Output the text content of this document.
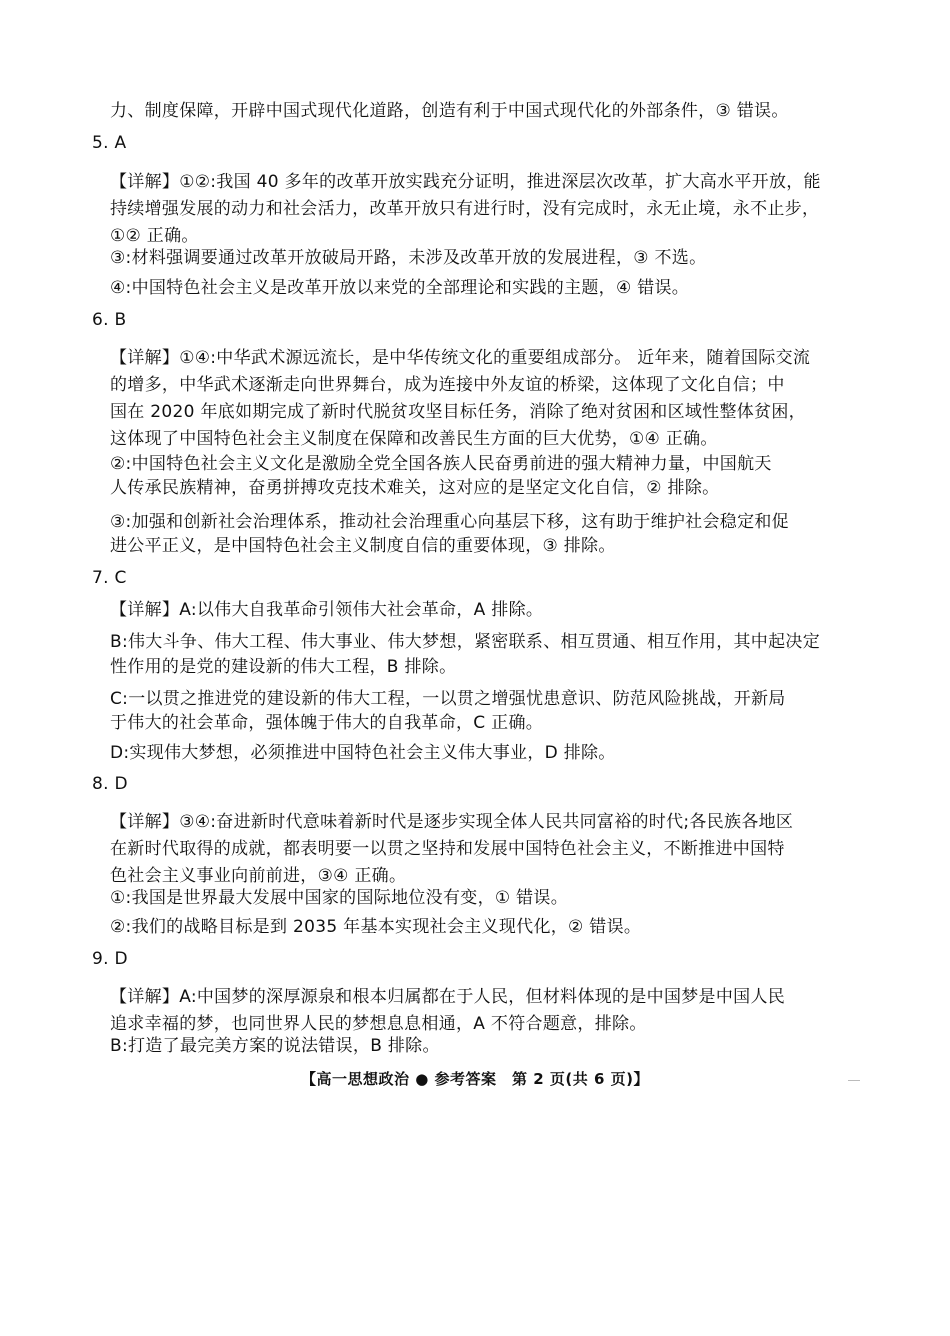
力、制度保障，开辟中国式现代化道路，创造有利于中国式现代化的外部条件，③ 错误。
5. A
【详解】①②:我国 40 多年的改革开放实践充分证明，推进深层次改革，扩大高水平开放，能
持续增强发展的动力和社会活力，改革开放只有进行时，没有完成时，永无止境，永不止步，
①② 正确。
③:材料强调要通过改革开放破局开路，未涉及改革开放的发展进程，③ 不选。
④:中国特色社会主义是改革开放以来党的全部理论和实践的主题，④ 错误。
6. B
【详解】①④:中华武术源远流长，是中华传统文化的重要组成部分。 近年来，随着国际交流
的增多，中华武术逐渐走向世界舞台，成为连接中外友谊的桥梁，这体现了文化自信；中
国在 2020 年底如期完成了新时代脱贫攻坚目标任务，消除了绝对贫困和区域性整体贫困，
这体现了中国特色社会主义制度在保障和改善民生方面的巨大优势，①④ 正确。
②:中国特色社会主义文化是激励全党全国各族人民奋勇前进的强大精神力量，中国航天
人传承民族精神，奋勇拼搏攻克技术难关，这对应的是坚定文化自信，② 排除。
③:加强和创新社会治理体系，推动社会治理重心向基层下移，这有助于维护社会稳定和促
进公平正义，是中国特色社会主义制度自信的重要体现，③ 排除。
7. C
【详解】A:以伟大自我革命引领伟大社会革命，A 排除。
B:伟大斗争、伟大工程、伟大事业、伟大梦想，紧密联系、相互贯通、相互作用，其中起决定
性作用的是党的建设新的伟大工程，B 排除。
C:一以贯之推进党的建设新的伟大工程，一以贯之增强忧患意识、防范风险挑战，开新局
于伟大的社会革命，强体魄于伟大的自我革命，C 正确。
D:实现伟大梦想，必须推进中国特色社会主义伟大事业，D 排除。
8. D
【详解】③④:奋进新时代意味着新时代是逐步实现全体人民共同富裕的时代;各民族各地区
在新时代取得的成就，都表明要一以贯之坚持和发展中国特色社会主义，不断推进中国特
色社会主义事业向前前进，③④ 正确。
①:我国是世界最大发展中国家的国际地位没有变，① 错误。
②:我们的战略目标是到 2035 年基本实现社会主义现代化，② 错误。
9. D
【详解】A:中国梦的深厚源泉和根本归属都在于人民，但材料体现的是中国梦是中国人民
追求幸福的梦，也同世界人民的梦想息息相通，A 不符合题意，排除。
B:打造了最完美方案的说法错误，B 排除。
【高一思想政治 ● 参考答案　第 2 页(共 6 页)】
